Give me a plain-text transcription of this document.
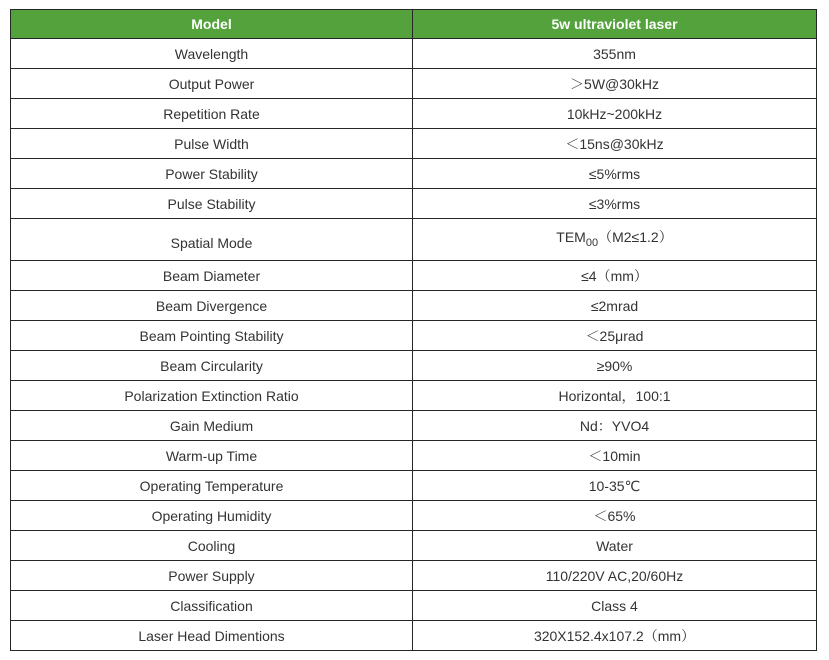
Model	5w ultraviolet laser
Wavelength	355nm
Output Power	＞5W@30kHz
Repetition Rate	10kHz~200kHz
Pulse Width	＜15ns@30kHz
Power Stability	≤5%rms
Pulse Stability	≤3%rms
Spatial Mode	$TEM_{00}(M2\le 1.2)$
Beam Diameter	≤4（mm）
Beam Divergence	≤2mrad
Beam Pointing Stability	＜25μrad
Beam Circularity	≥90%
Polarization Extinction Ratio	Horizontal，100:1
Gain Medium	Nd：YVO4
Warm-up Time	＜10min
Operating Temperature	10-35℃
Operating Humidity	＜65%
Cooling	Water
Power Supply	110/220V AC,20/60Hz
Classification	Class 4
Laser Head Dimentions	320X152.4x107.2（mm）
